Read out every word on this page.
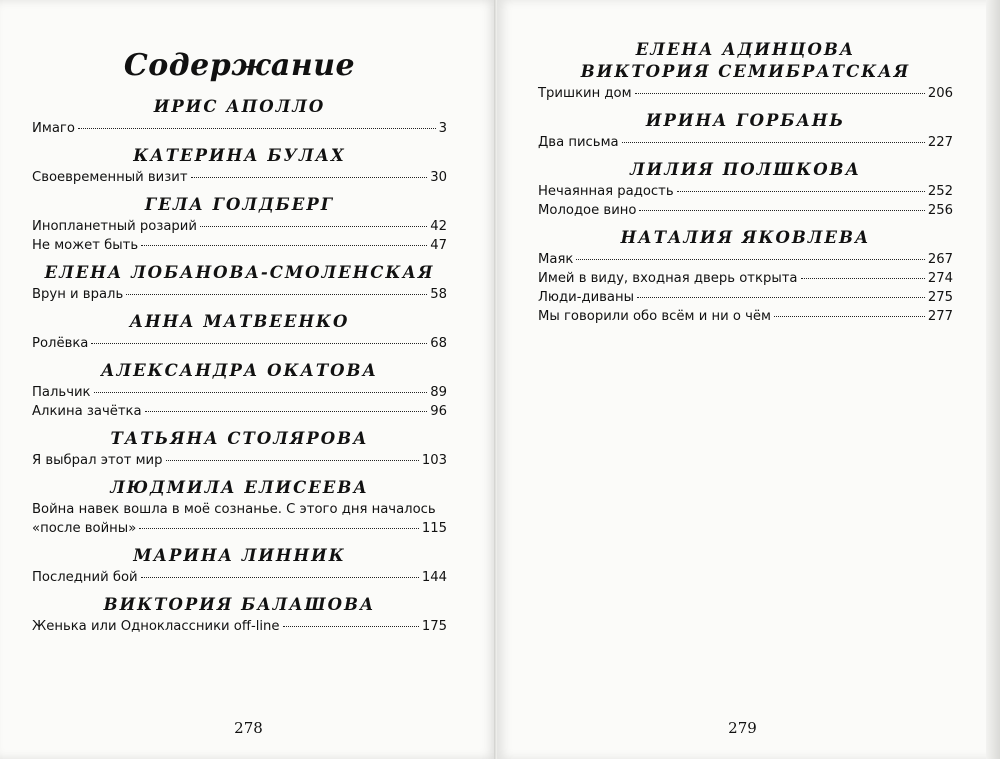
Содержание
ИРИС АПОЛЛО
Имаго	3
КАТЕРИНА БУЛАХ
Своевременный визит	30
ГЕЛА ГОЛДБЕРГ
Инопланетный розарий	42
Не может быть	47
ЕЛЕНА ЛОБАНОВА-СМОЛЕНСКАЯ
Врун и враль	58
АННА МАТВЕЕНКО
Ролёвка	68
АЛЕКСАНДРА ОКАТОВА
Пальчик	89
Алкина зачётка	96
ТАТЬЯНА СТОЛЯРОВА
Я выбрал этот мир	103
ЛЮДМИЛА ЕЛИСЕЕВА
Война навек вошла в моё сознанье. С этого дня началось
«после войны»	115
МАРИНА ЛИННИК
Последний бой	144
ВИКТОРИЯ БАЛАШОВА
Женька или Одноклассники off-line	175
278
ЕЛЕНА АДИНЦОВА
ВИКТОРИЯ СЕМИБРАТСКАЯ
Тришкин дом	206
ИРИНА ГОРБАНЬ
Два письма	227
ЛИЛИЯ ПОЛШКОВА
Нечаянная радость	252
Молодое вино	256
НАТАЛИЯ ЯКОВЛЕВА
Маяк	267
Имей в виду, входная дверь открыта	274
Люди-диваны	275
Мы говорили обо всём и ни о чём	277
279
